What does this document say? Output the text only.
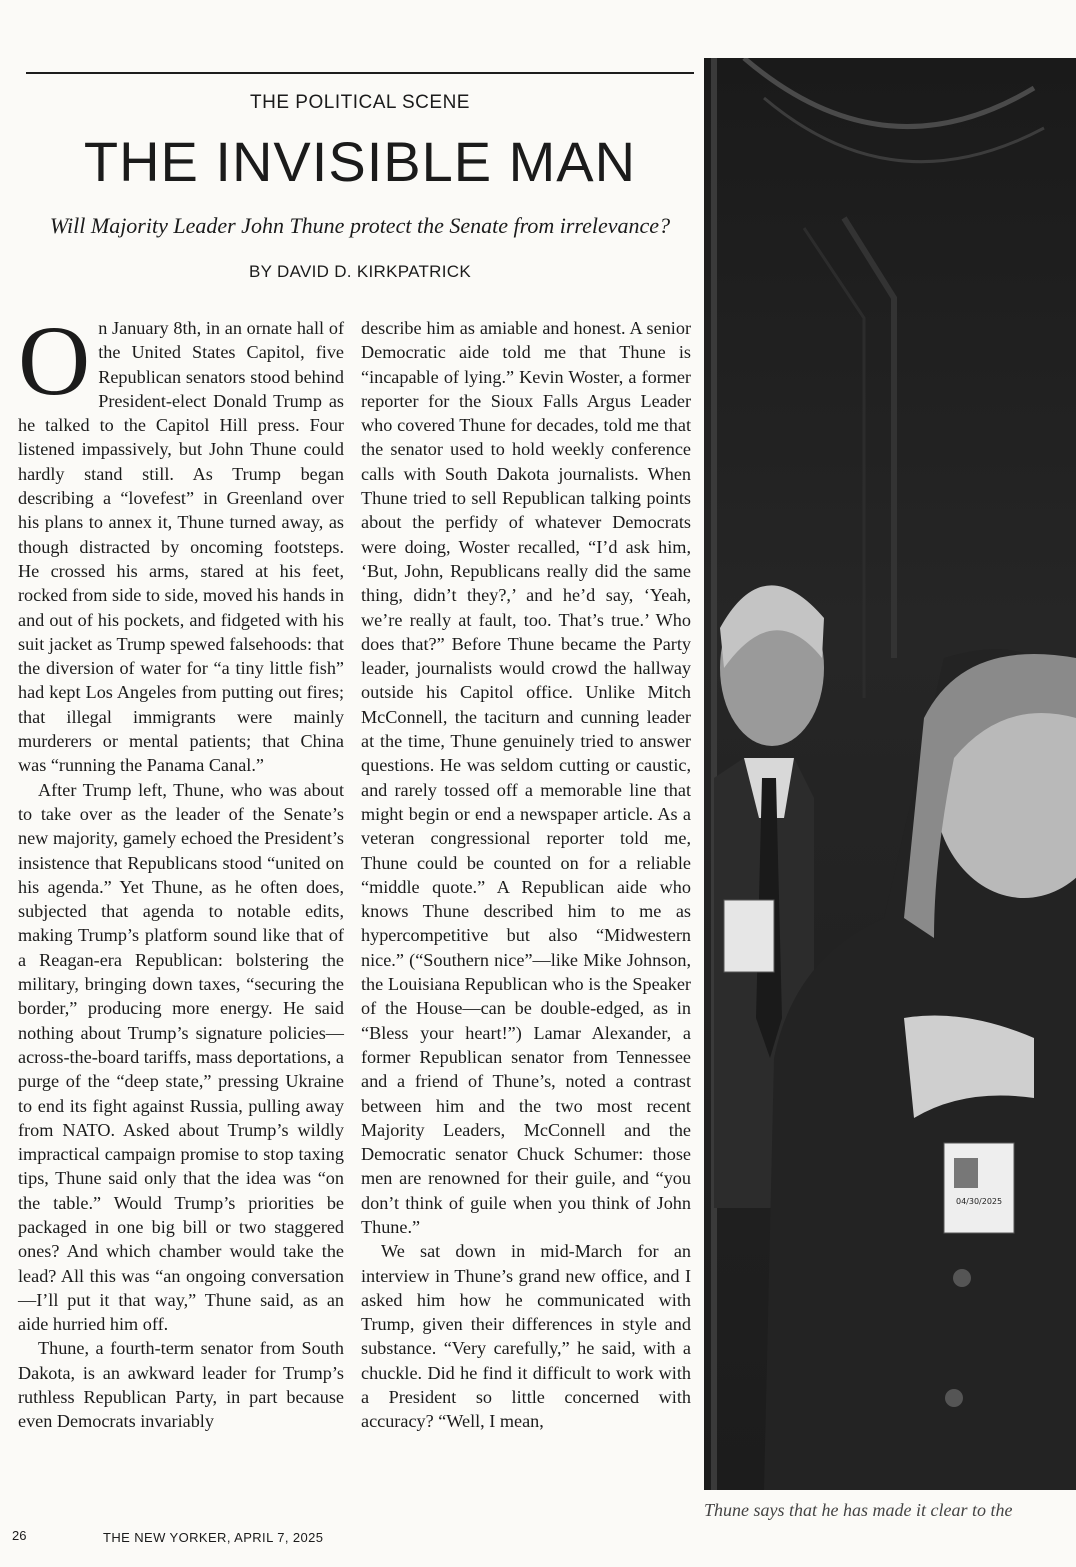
THE POLITICAL SCENE
THE INVISIBLE MAN
Will Majority Leader John Thune protect the Senate from irrelevance?
BY DAVID D. KIRKPATRICK

On January 8th, in an ornate hall of the United States Capitol, five Republican senators stood behind President-elect Donald Trump as he talked to the Capitol Hill press. Four listened impassively, but John Thune could hardly stand still. As Trump began describing a “lovefest” in Greenland over his plans to annex it, Thune turned away, as though distracted by oncoming footsteps. He crossed his arms, stared at his feet, rocked from side to side, moved his hands in and out of his pockets, and fidgeted with his suit jacket as Trump spewed falsehoods: that the diversion of water for “a tiny little fish” had kept Los Angeles from putting out fires; that illegal immigrants were mainly murderers or mental patients; that China was “running the Panama Canal.”

After Trump left, Thune, who was about to take over as the leader of the Senate’s new majority, gamely echoed the President’s insistence that Republicans stood “united on his agenda.” Yet Thune, as he often does, subjected that agenda to notable edits, making Trump’s platform sound like that of a Reagan-era Republican: bolstering the military, bringing down taxes, “securing the border,” producing more energy. He said nothing about Trump’s signature policies—across-the-board tariffs, mass deportations, a purge of the “deep state,” pressing Ukraine to end its fight against Russia, pulling away from NATO. Asked about Trump’s wildly impractical campaign promise to stop taxing tips, Thune said only that the idea was “on the table.” Would Trump’s priorities be packaged in one big bill or two staggered ones? And which chamber would take the lead? All this was “an ongoing conversation—I’ll put it that way,” Thune said, as an aide hurried him off.

Thune, a fourth-term senator from South Dakota, is an awkward leader for Trump’s ruthless Republican Party, in part because even Democrats invariably

describe him as amiable and honest. A senior Democratic aide told me that Thune is “incapable of lying.” Kevin Woster, a former reporter for the Sioux Falls Argus Leader who covered Thune for decades, told me that the senator used to hold weekly conference calls with South Dakota journalists. When Thune tried to sell Republican talking points about the perfidy of whatever Democrats were doing, Woster recalled, “I’d ask him, ‘But, John, Republicans really did the same thing, didn’t they?,’ and he’d say, ‘Yeah, we’re really at fault, too. That’s true.’ Who does that?” Before Thune became the Party leader, journalists would crowd the hallway outside his Capitol office. Unlike Mitch McConnell, the taciturn and cunning leader at the time, Thune genuinely tried to answer questions. He was seldom cutting or caustic, and rarely tossed off a memorable line that might begin or end a newspaper article. As a veteran congressional reporter told me, Thune could be counted on for a reliable “middle quote.” A Republican aide who knows Thune described him to me as hypercompetitive but also “Midwestern nice.” (“Southern nice”—like Mike Johnson, the Louisiana Republican who is the Speaker of the House—can be double-edged, as in “Bless your heart!”) Lamar Alexander, a former Republican senator from Tennessee and a friend of Thune’s, noted a contrast between him and the two most recent Majority Leaders, McConnell and the Democratic senator Chuck Schumer: those men are renowned for their guile, and “you don’t think of guile when you think of John Thune.”

We sat down in mid-March for an interview in Thune’s grand new office, and I asked him how he communicated with Trump, given their differences in style and substance. “Very carefully,” he said, with a chuckle. Did he find it difficult to work with a President so little concerned with accuracy? “Well, I mean,

04/30/2025
Thune says that he has made it clear to the
26	THE NEW YORKER, APRIL 7, 2025
